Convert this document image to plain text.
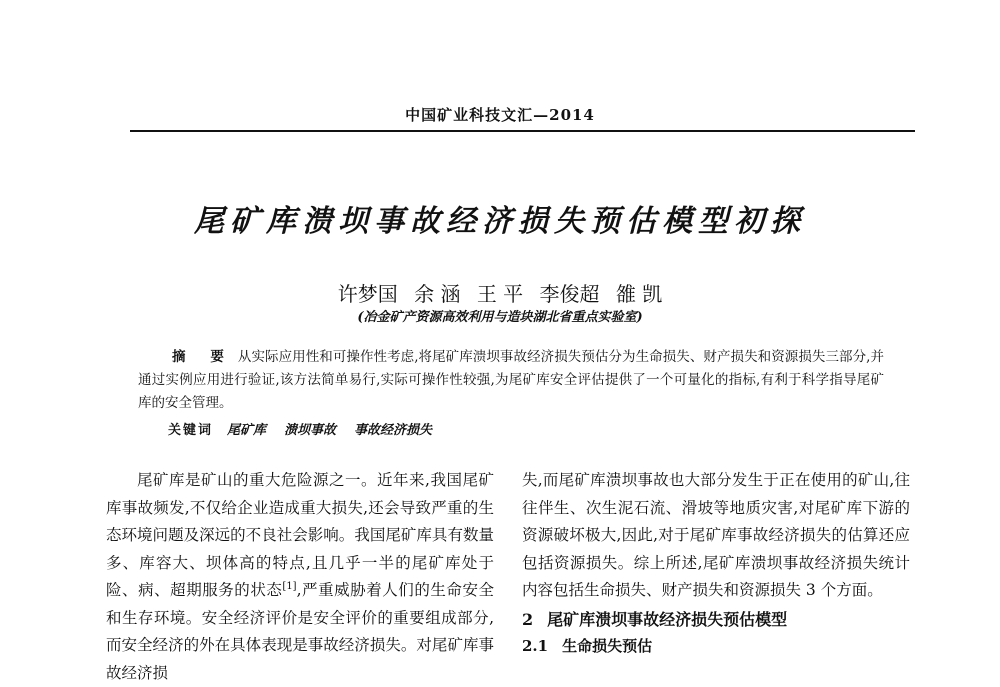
中国矿业科技文汇—2014
尾矿库溃坝事故经济损失预估模型初探
许梦国 余 涵 王 平 李俊超 雒 凯
(冶金矿产资源高效利用与造块湖北省重点实验室)
摘 要 从实际应用性和可操作性考虑,将尾矿库溃坝事故经济损失预估分为生命损失、财产损失和资源损失三部分,并通过实例应用进行验证,该方法简单易行,实际可操作性较强,为尾矿库安全评估提供了一个可量化的指标,有利于科学指导尾矿库的安全管理。
关键词 尾矿库 溃坝事故 事故经济损失

尾矿库是矿山的重大危险源之一。近年来,我国尾矿库事故频发,不仅给企业造成重大损失,还会导致严重的生态环境问题及深远的不良社会影响。我国尾矿库具有数量多、库容大、坝体高的特点,且几乎一半的尾矿库处于险、病、超期服务的状态[1],严重威胁着人们的生命安全和生存环境。安全经济评价是安全评价的重要组成部分,而安全经济的外在具体表现是事故经济损失。对尾矿库事故经济损

失,而尾矿库溃坝事故也大部分发生于正在使用的矿山,往往伴生、次生泥石流、滑坡等地质灾害,对尾矿库下游的资源破坏极大,因此,对于尾矿库事故经济损失的估算还应包括资源损失。综上所述,尾矿库溃坝事故经济损失统计内容包括生命损失、财产损失和资源损失 3 个方面。

2 尾矿库溃坝事故经济损失预估模型
2.1 生命损失预估
